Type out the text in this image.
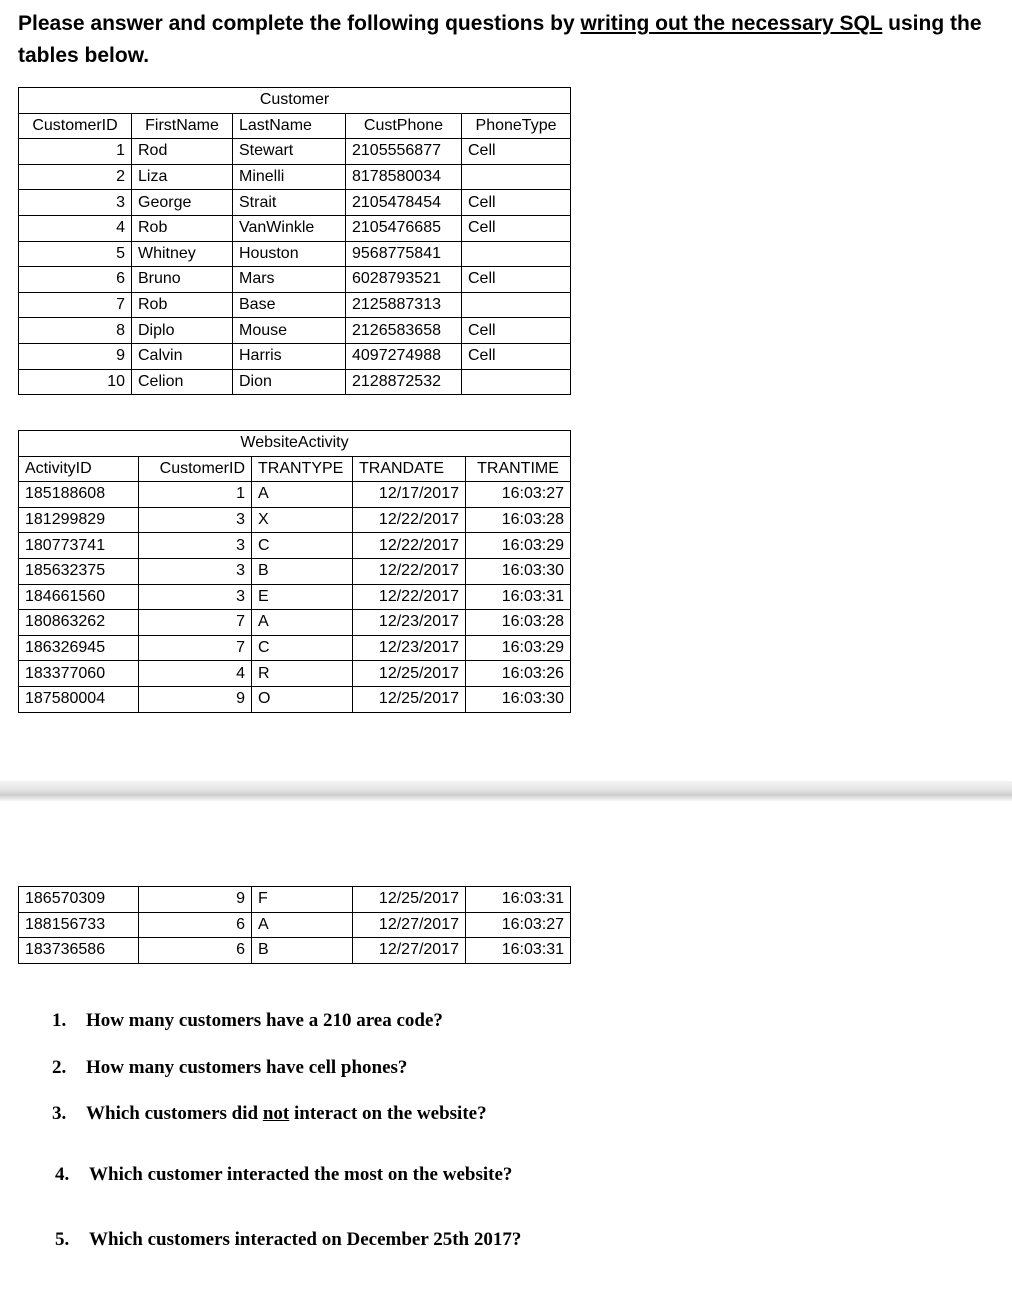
Please answer and complete the following questions by writing out the necessary SQL using the tables below.

Customer				
CustomerID	FirstName	LastName	CustPhone	PhoneType
1	Rod	Stewart	2105556877	Cell
2	Liza	Minelli	8178580034	
3	George	Strait	2105478454	Cell
4	Rob	VanWinkle	2105476685	Cell
5	Whitney	Houston	9568775841	
6	Bruno	Mars	6028793521	Cell
7	Rob	Base	2125887313	
8	Diplo	Mouse	2126583658	Cell
9	Calvin	Harris	4097274988	Cell
10	Celion	Dion	2128872532	
WebsiteActivity				
ActivityID	CustomerID	TRANTYPE	TRANDATE	TRANTIME
185188608	1	A	12/17/2017	16:03:27
181299829	3	X	12/22/2017	16:03:28
180773741	3	C	12/22/2017	16:03:29
185632375	3	B	12/22/2017	16:03:30
184661560	3	E	12/22/2017	16:03:31
180863262	7	A	12/23/2017	16:03:28
186326945	7	C	12/23/2017	16:03:29
183377060	4	R	12/25/2017	16:03:26
187580004	9	O	12/25/2017	16:03:30
186570309	9	F	12/25/2017	16:03:31
188156733	6	A	12/27/2017	16:03:27
183736586	6	B	12/27/2017	16:03:31
1. How many customers have a 210 area code?
2. How many customers have cell phones?
3. Which customers did not interact on the website?
4. Which customer interacted the most on the website?
5. Which customers interacted on December 25th 2017?
